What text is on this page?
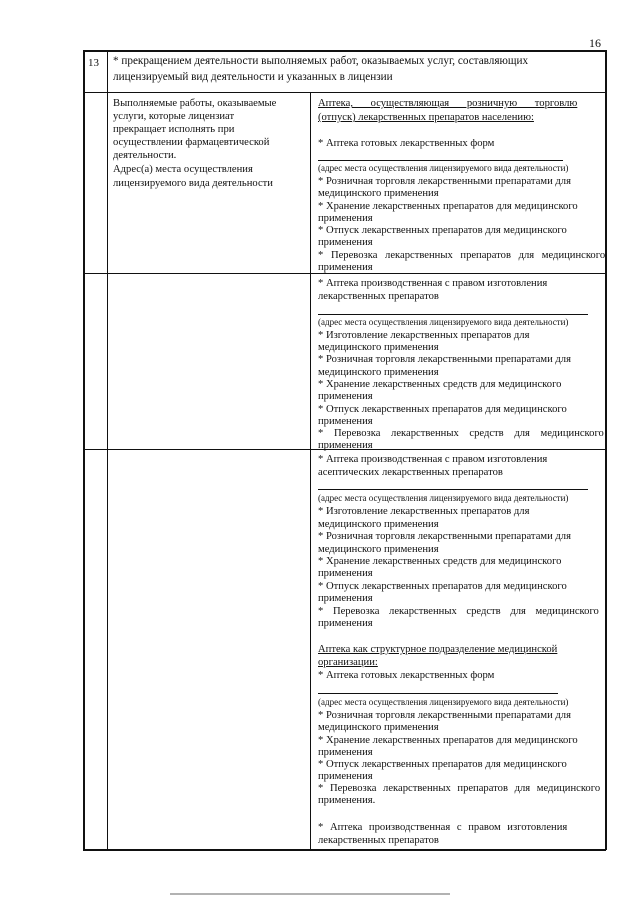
16
13 * прекращением деятельности выполняемых работ, оказываемых услуг, составляющих
лицензируемый вид деятельности и указанных в лицензии
Выполняемые работы, оказываемые
услуги, которые лицензиат
прекращает исполнять при
осуществлении фармацевтической
деятельности.
Адрес(а) места осуществления
лицензируемого вида деятельности
Аптека, осуществляющая розничную торговлю
(отпуск) лекарственных препаратов населению:
* Аптека готовых лекарственных форм
(адрес места осуществления лицензируемого вида деятельности)
* Розничная торговля лекарственными препаратами для
медицинского применения
* Хранение лекарственных препаратов для медицинского
применения
* Отпуск лекарственных препаратов для медицинского
применения
* Перевозка лекарственных препаратов для медицинского
применения
* Аптека производственная с правом изготовления
лекарственных препаратов
(адрес места осуществления лицензируемого вида деятельности)
* Изготовление лекарственных препаратов для
медицинского применения
* Розничная торговля лекарственными препаратами для
медицинского применения
* Хранение лекарственных средств для медицинского
применения
* Отпуск лекарственных препаратов для медицинского
применения
* Перевозка лекарственных средств для медицинского
применения
* Аптека производственная с правом изготовления
асептических лекарственных препаратов
(адрес места осуществления лицензируемого вида деятельности)
* Изготовление лекарственных препаратов для
медицинского применения
* Розничная торговля лекарственными препаратами для
медицинского применения
* Хранение лекарственных средств для медицинского
применения
* Отпуск лекарственных препаратов для медицинского
применения
* Перевозка лекарственных средств для медицинского
применения
Аптека как структурное подразделение медицинской
организации:
* Аптека готовых лекарственных форм
(адрес места осуществления лицензируемого вида деятельности)
* Розничная торговля лекарственными препаратами для
медицинского применения
* Хранение лекарственных препаратов для медицинского
применения
* Отпуск лекарственных препаратов для медицинского
применения
* Перевозка лекарственных препаратов для медицинского
применения.
* Аптека производственная с правом изготовления
лекарственных препаратов
